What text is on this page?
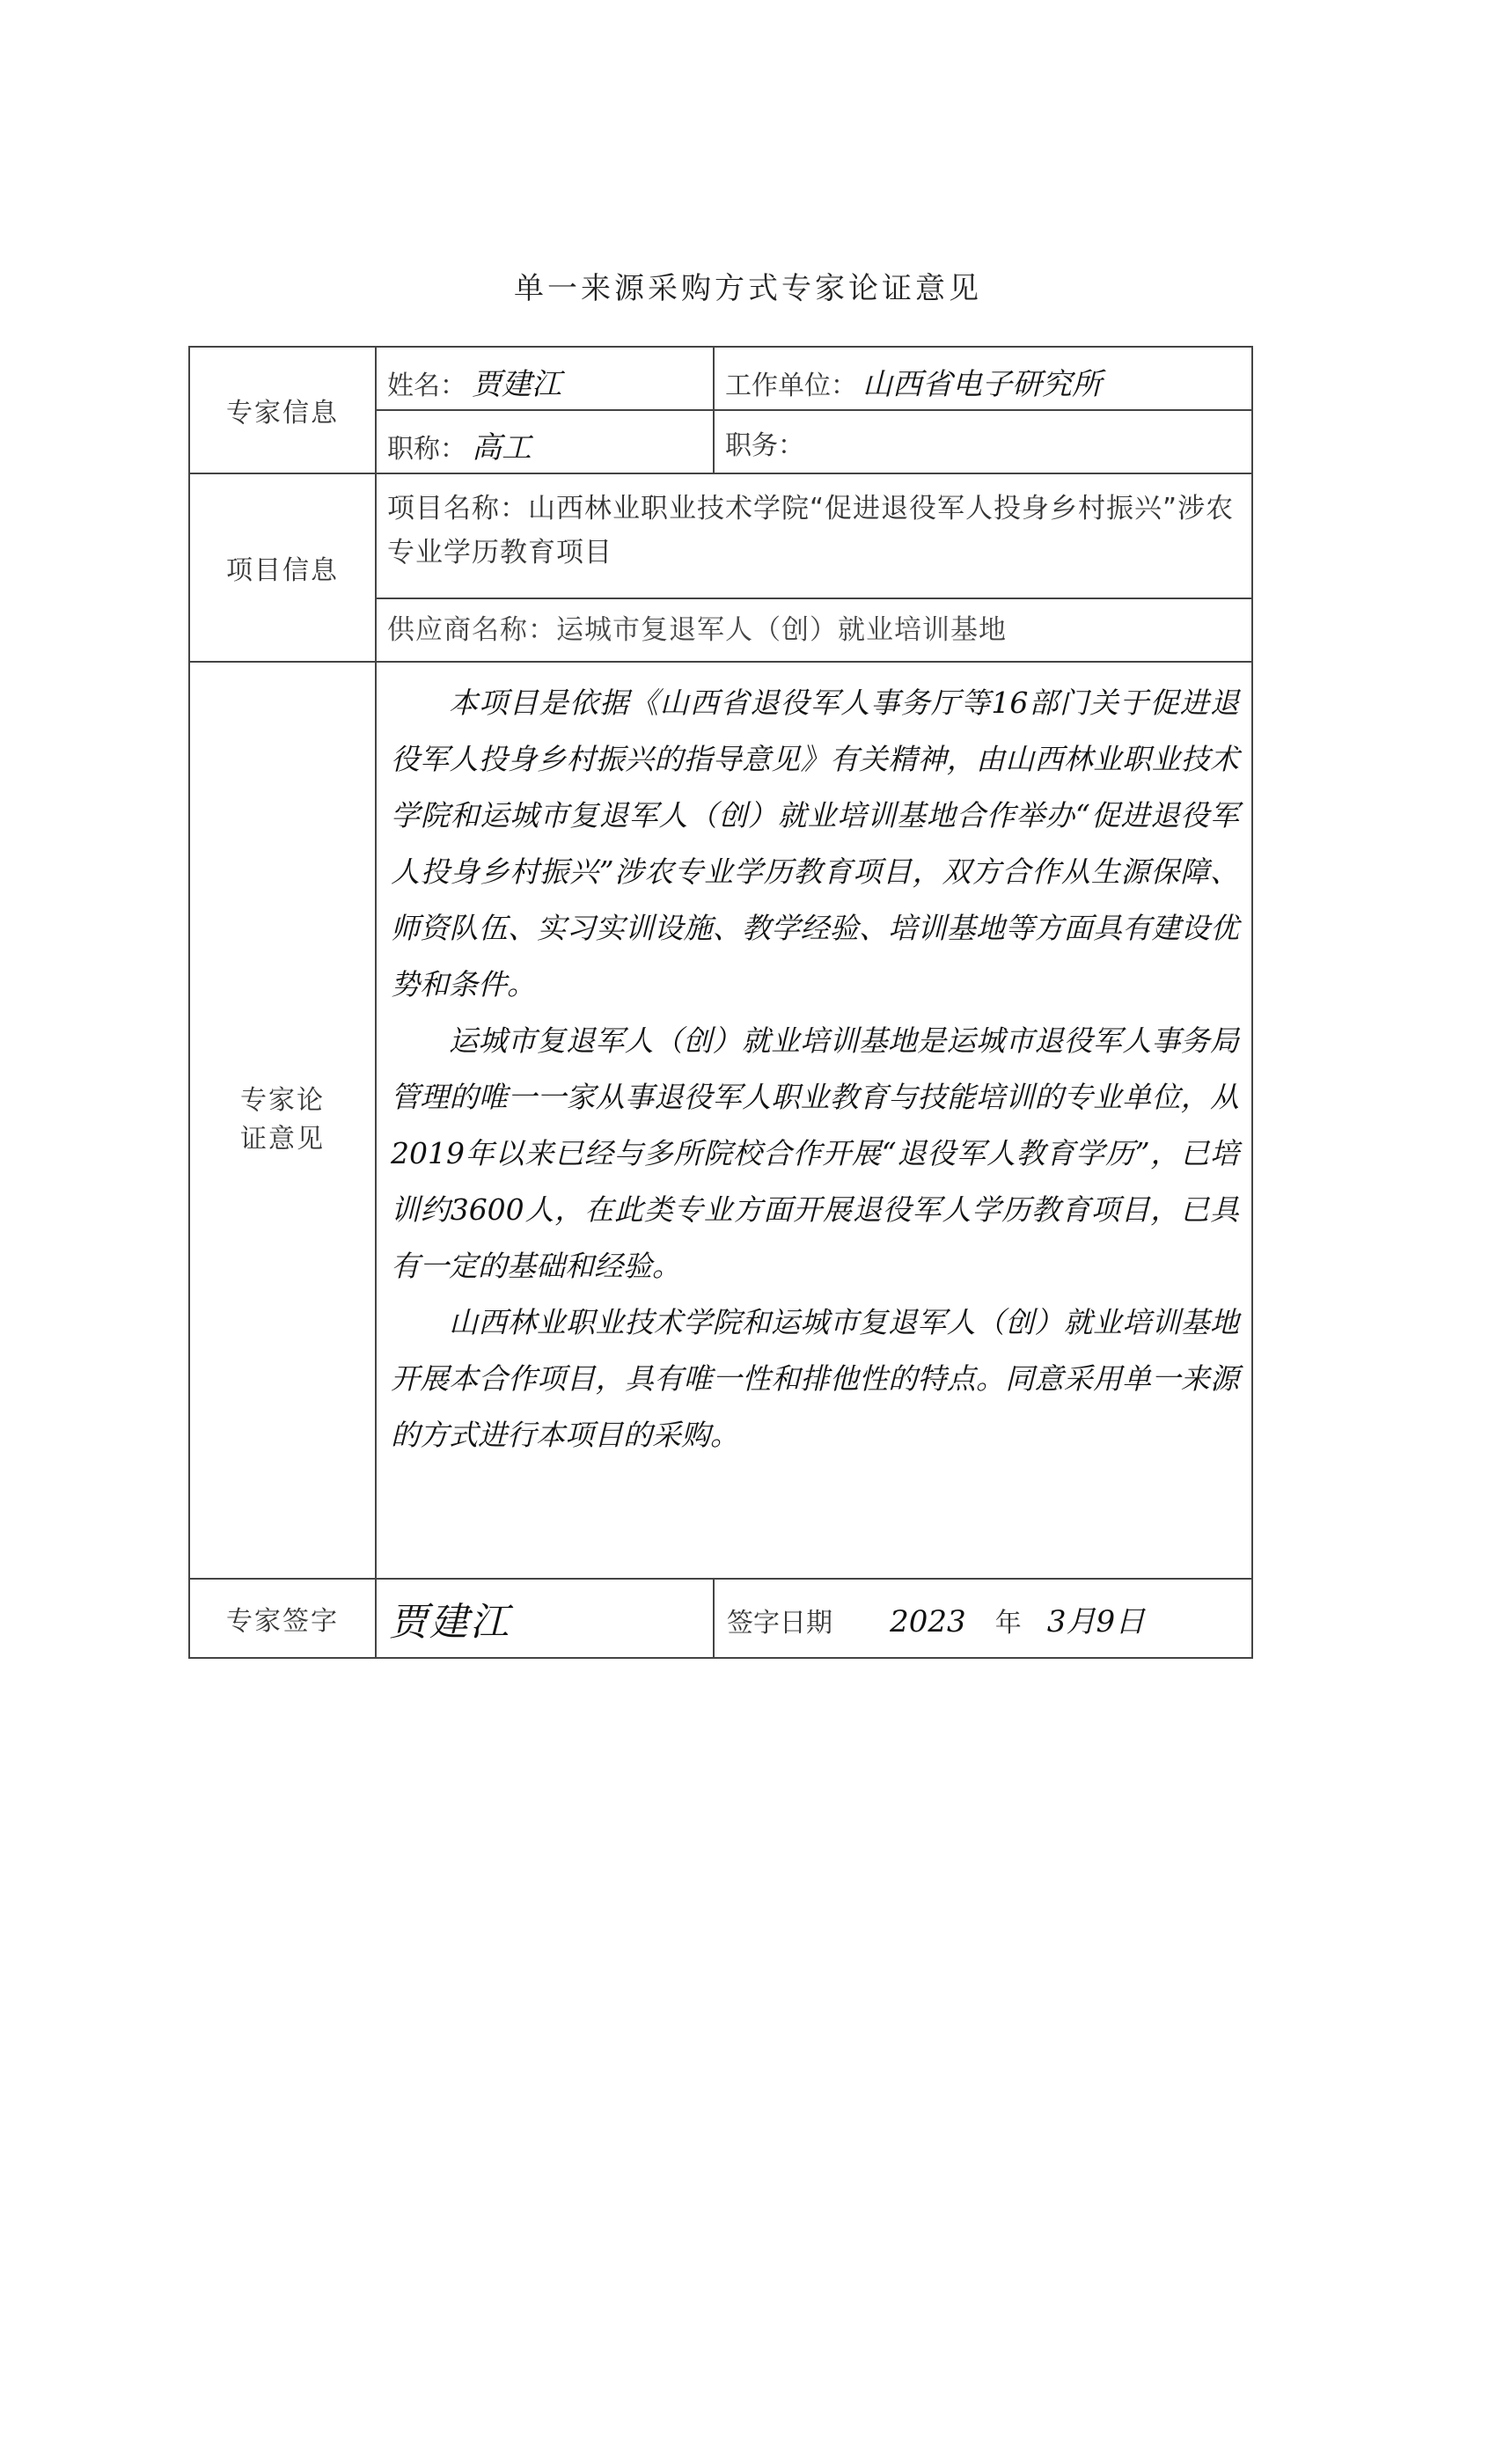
单一来源采购方式专家论证意见
专家信息	姓名： 贾建江	工作单位： 山西省电子研究所

	职称： 高工	职务：

项目信息	项目名称：山西林业职业技术学院“促进退役军人投身乡村振兴”涉农专业学历教育项目	

	供应商名称：运城市复退军人（创）就业培训基地	

专家论证意见	本项目是依据《山西省退役军人事务厅等16部门关于促进退役军人投身乡村振兴的指导意见》有关精神，由山西林业职业技术学院和运城市复退军人（创）就业培训基地合作举办“促进退役军人投身乡村振兴”涉农专业学历教育项目，双方合作从生源保障、师资队伍、实习实训设施、教学经验、培训基地等方面具有建设优势和条件。

运城市复退军人（创）就业培训基地是运城市退役军人事务局管理的唯一一家从事退役军人职业教育与技能培训的专业单位，从2019年以来已经与多所院校合作开展“退役军人教育学历”，已培训约3600人，在此类专业方面开展退役军人学历教育项目，已具有一定的基础和经验。

山西林业职业技术学院和运城市复退军人（创）就业培训基地开展本合作项目，具有唯一性和排他性的特点。同意采用单一来源的方式进行本项目的采购。	

专家签字	贾建江	签字日期 2023 年 3月9日
